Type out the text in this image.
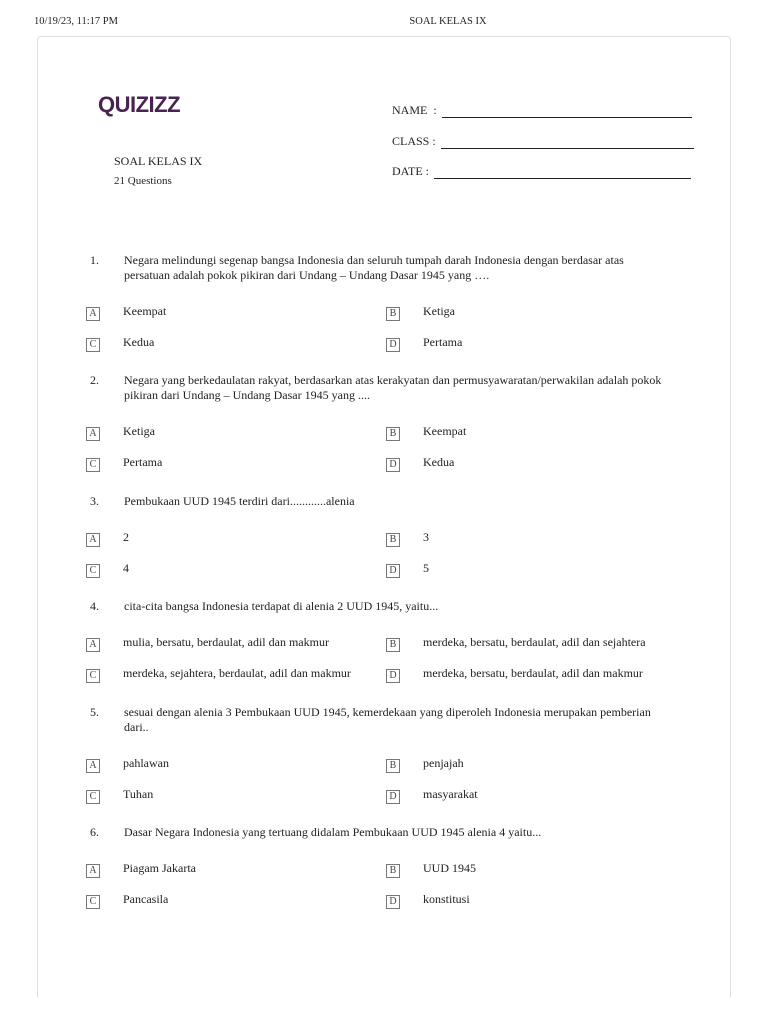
10/19/23, 11:17 PM	SOAL KELAS IX
QUIZIZZ
SOAL KELAS IX
21 Questions
NAME  :
CLASS :
DATE :
1. Negara melindungi segenap bangsa Indonesia dan seluruh tumpah darah Indonesia dengan berdasar atas persatuan adalah pokok pikiran dari Undang – Undang Dasar 1945 yang ….
A Keempat	B	Ketiga
C	Kedua	D Pertama
2. Negara yang berkedaulatan rakyat, berdasarkan atas kerakyatan dan permusyawaratan/perwakilan adalah pokok pikiran dari Undang – Undang Dasar 1945 yang ....
A Ketiga	B	Keempat
C	Pertama	D Kedua
3. Pembukaan UUD 1945 terdiri dari............alenia
A 2	B	3
C	4	D 5
4. cita-cita bangsa Indonesia terdapat di alenia 2 UUD 1945, yaitu...
A mulia, bersatu, berdaulat, adil dan makmur	B	merdeka, bersatu, berdaulat, adil dan sejahtera
C	merdeka, sejahtera, berdaulat, adil dan makmur	D merdeka, bersatu, berdaulat, adil dan makmur
5. sesuai dengan alenia 3 Pembukaan UUD 1945, kemerdekaan yang diperoleh Indonesia merupakan pemberian dari..
A pahlawan	B	penjajah
C	Tuhan	D masyarakat
6. Dasar Negara Indonesia yang tertuang didalam Pembukaan UUD 1945 alenia 4 yaitu...
A Piagam Jakarta	B	UUD 1945
C	Pancasila	D konstitusi
